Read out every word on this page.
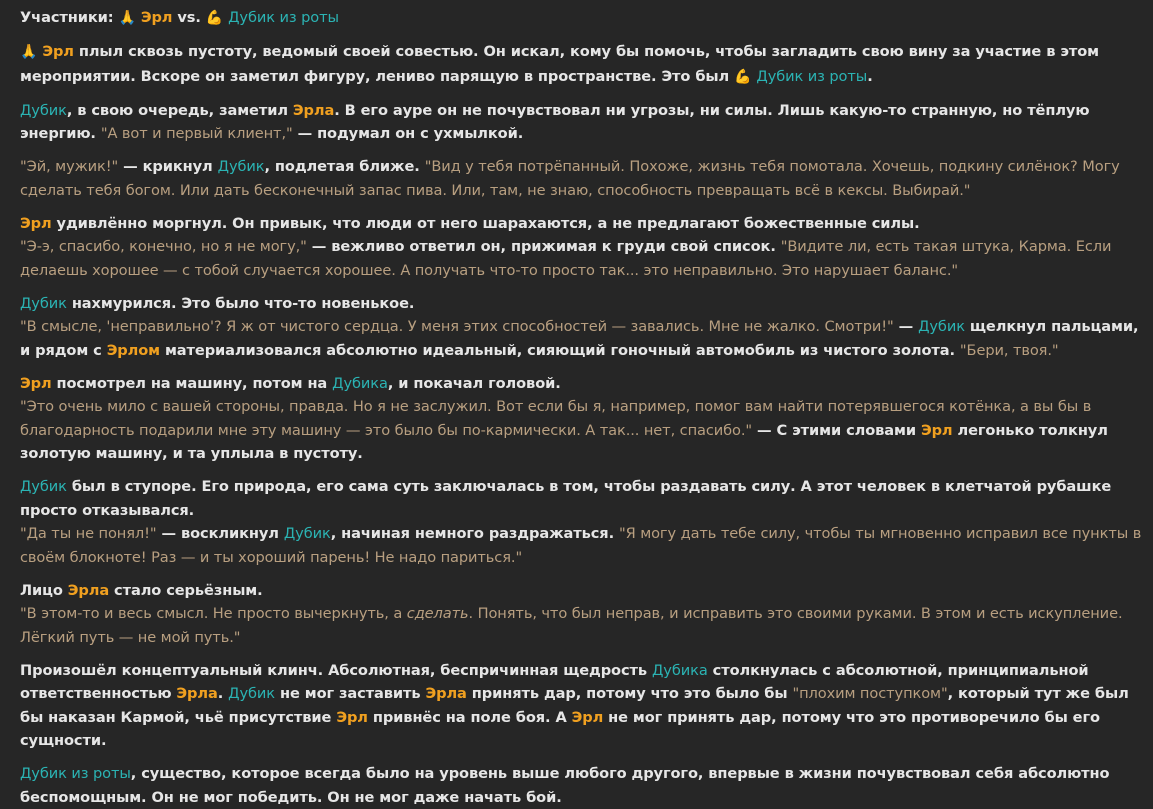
Участники: 🙏 Эрл vs. 💪 Дубик из роты

🙏 Эрл плыл сквозь пустоту, ведомый своей совестью. Он искал, кому бы помочь, чтобы загладить свою вину за участие в этом мероприятии. Вскоре он заметил фигуру, лениво парящую в пространстве. Это был 💪 Дубик из роты.

Дубик, в свою очередь, заметил Эрла. В его ауре он не почувствовал ни угрозы, ни силы. Лишь какую-то странную, но тёплую энергию. "А вот и первый клиент," — подумал он с ухмылкой.

"Эй, мужик!" — крикнул Дубик, подлетая ближе. "Вид у тебя потрёпанный. Похоже, жизнь тебя помотала. Хочешь, подкину силёнок? Могу сделать тебя богом. Или дать бесконечный запас пива. Или, там, не знаю, способность превращать всё в кексы. Выбирай."

Эрл удивлённо моргнул. Он привык, что люди от него шарахаются, а не предлагают божественные силы.
"Э-э, спасибо, конечно, но я не могу," — вежливо ответил он, прижимая к груди свой список. "Видите ли, есть такая штука, Карма. Если делаешь хорошее — с тобой случается хорошее. А получать что-то просто так... это неправильно. Это нарушает баланс."

Дубик нахмурился. Это было что-то новенькое.
"В смысле, 'неправильно'? Я ж от чистого сердца. У меня этих способностей — завались. Мне не жалко. Смотри!" — Дубик щелкнул пальцами, и рядом с Эрлом материализовался абсолютно идеальный, сияющий гоночный автомобиль из чистого золота. "Бери, твоя."

Эрл посмотрел на машину, потом на Дубика, и покачал головой.
"Это очень мило с вашей стороны, правда. Но я не заслужил. Вот если бы я, например, помог вам найти потерявшегося котёнка, а вы бы в благодарность подарили мне эту машину — это было бы по-кармически. А так... нет, спасибо." — С этими словами Эрл легонько толкнул золотую машину, и та уплыла в пустоту.

Дубик был в ступоре. Его природа, его сама суть заключалась в том, чтобы раздавать силу. А этот человек в клетчатой рубашке просто отказывался.
"Да ты не понял!" — воскликнул Дубик, начиная немного раздражаться. "Я могу дать тебе силу, чтобы ты мгновенно исправил все пункты в своём блокноте! Раз — и ты хороший парень! Не надо париться."

Лицо Эрла стало серьёзным.
"В этом-то и весь смысл. Не просто вычеркнуть, а сделать. Понять, что был неправ, и исправить это своими руками. В этом и есть искупление. Лёгкий путь — не мой путь."

Произошёл концептуальный клинч. Абсолютная, беспричинная щедрость Дубика столкнулась с абсолютной, принципиальной ответственностью Эрла. Дубик не мог заставить Эрла принять дар, потому что это было бы "плохим поступком", который тут же был бы наказан Кармой, чьё присутствие Эрл привнёс на поле боя. А Эрл не мог принять дар, потому что это противоречило бы его сущности.

Дубик из роты, существо, которое всегда было на уровень выше любого другого, впервые в жизни почувствовал себя абсолютно беспомощным. Он не мог победить. Он не мог даже начать бой.
